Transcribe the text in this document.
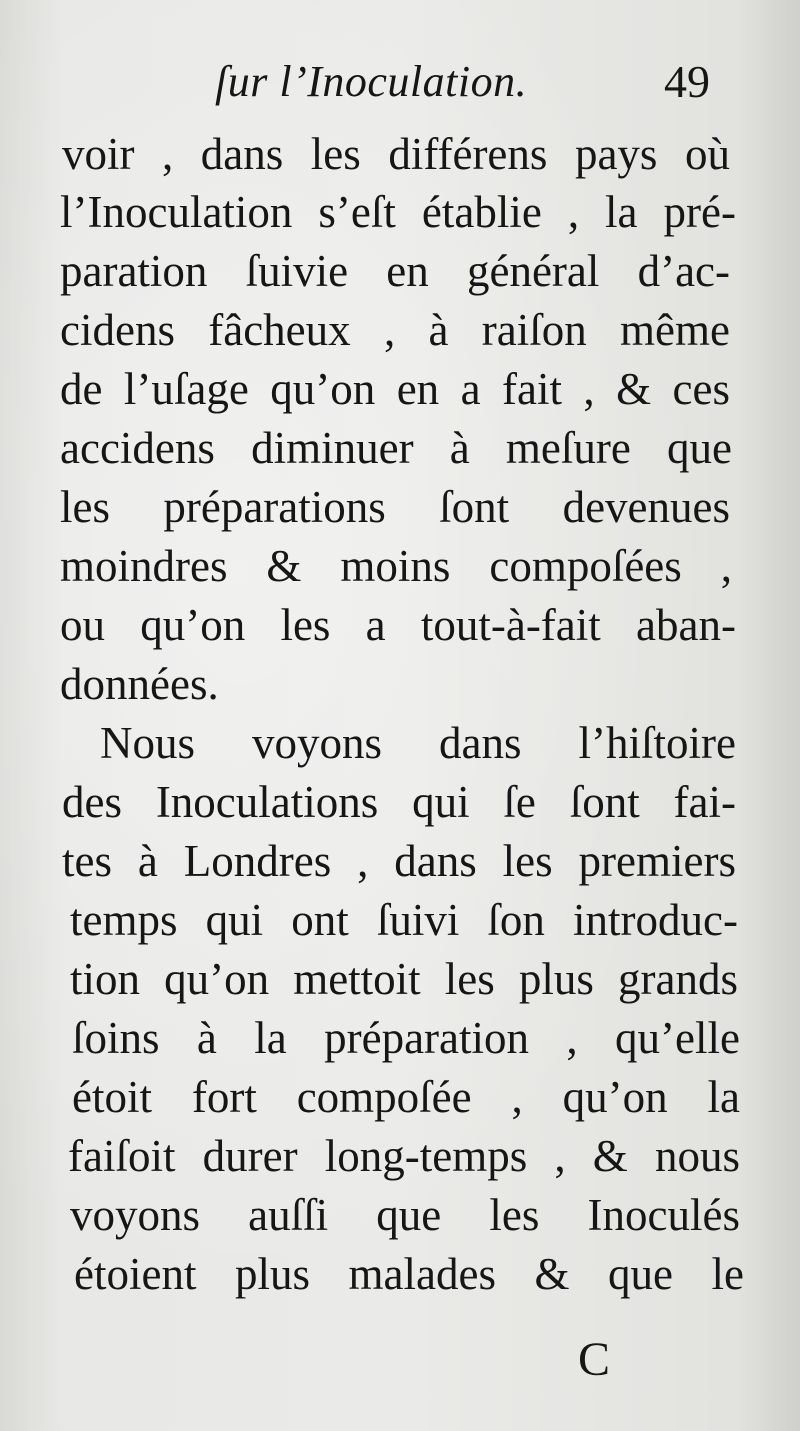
ſur l’Inoculation.	49
voir , dans les différens pays où
l’Inoculation s’eſt établie , la pré-
paration ſuivie en général d’ac-
cidens fâcheux , à raiſon même
de l’uſage qu’on en a fait , & ces
accidens diminuer à meſure que
les préparations ſont devenues
moindres & moins compoſées ,
ou qu’on les a tout-à-fait aban-
données.
Nous voyons dans l’hiſtoire
des Inoculations qui ſe ſont fai-
tes à Londres , dans les premiers
temps qui ont ſuivi ſon introduc-
tion qu’on mettoit les plus grands
ſoins à la préparation , qu’elle
étoit fort compoſée , qu’on la
faiſoit durer long-temps , & nous
voyons auſſi que les Inoculés
étoient plus malades & que le
C
